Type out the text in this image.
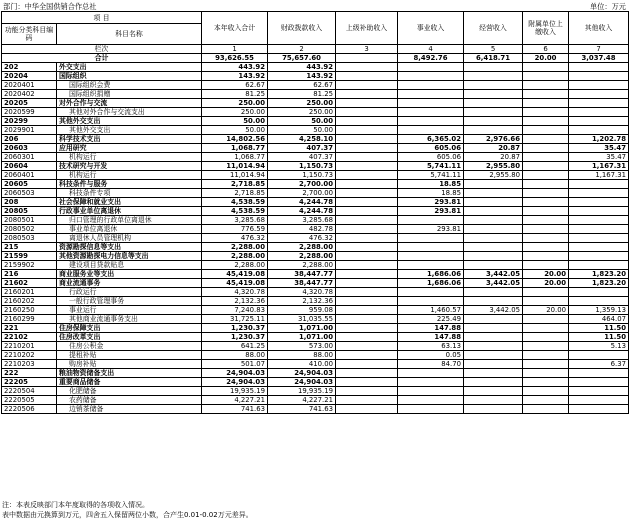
部门：中华全国供销合作总社	单位：万元
项 目		本年收入合计	财政拨款收入	上级补助收入	事业收入	经营收入	附属单位上缴收入	其他收入
功能分类科目编码	科目名称							
栏次		1	2	3	4	5	6	7
合计		93,626.55	75,657.60		8,492.76	6,418.71	20.00	3,037.48
202	外交支出	443.92	443.92					
20204	国际组织	143.92	143.92					
2020401	国际组织会费	62.67	62.67					
2020402	国际组织捐赠	81.25	81.25					
20205	对外合作与交流	250.00	250.00					
2020599	其他对外合作与交流支出	250.00	250.00					
20299	其他外交支出	50.00	50.00					
2029901	其他外交支出	50.00	50.00					
206	科学技术支出	14,802.56	4,258.10		6,365.02	2,976.66		1,202.78
20603	应用研究	1,068.77	407.37		605.06	20.87		35.47
2060301	机构运行	1,068.77	407.37		605.06	20.87		35.47
20604	技术研究与开发	11,014.94	1,150.73		5,741.11	2,955.80		1,167.31
2060401	机构运行	11,014.94	1,150.73		5,741.11	2,955.80		1,167.31
20605	科技条件与服务	2,718.85	2,700.00		18.85			
2060503	科技条件专项	2,718.85	2,700.00		18.85			
208	社会保障和就业支出	4,538.59	4,244.78		293.81			
20805	行政事业单位离退休	4,538.59	4,244.78		293.81			
2080501	归口管理的行政单位离退休	3,285.68	3,285.68					
2080502	事业单位离退休	776.59	482.78		293.81			
2080503	离退休人员管理机构	476.32	476.32					
215	资源勘探信息等支出	2,288.00	2,288.00					
21599	其他资源勘探电力信息等支出	2,288.00	2,288.00					
2159902	建设项目贷款贴息	2,288.00	2,288.00					
216	商业服务业等支出	45,419.08	38,447.77		1,686.06	3,442.05	20.00	1,823.20
21602	商业流通事务	45,419.08	38,447.77		1,686.06	3,442.05	20.00	1,823.20
2160201	行政运行	4,320.78	4,320.78					
2160202	一般行政管理事务	2,132.36	2,132.36					
2160250	事业运行	7,240.83	959.08		1,460.57	3,442.05	20.00	1,359.13
2160299	其他商业流通事务支出	31,725.11	31,035.55		225.49			464.07
221	住房保障支出	1,230.37	1,071.00		147.88			11.50
22102	住房改革支出	1,230.37	1,071.00		147.88			11.50
2210201	住房公积金	641.25	573.00		63.13			5.13
2210202	提租补贴	88.00	88.00		0.05			
2210203	购房补贴	501.07	410.00		84.70			6.37
222	粮油物资储备支出	24,904.03	24,904.03					
22205	重要商品储备	24,904.03	24,904.03					
2220504	化肥储备	19,935.19	19,935.19					
2220505	农药储备	4,227.21	4,227.21					
2220506	边销茶储备	741.63	741.63					
注：本表反映部门本年度取得的各项收入情况。
表中数据由元换算到万元，四舍五入保留两位小数，合产生0.01-0.02万元差异。
